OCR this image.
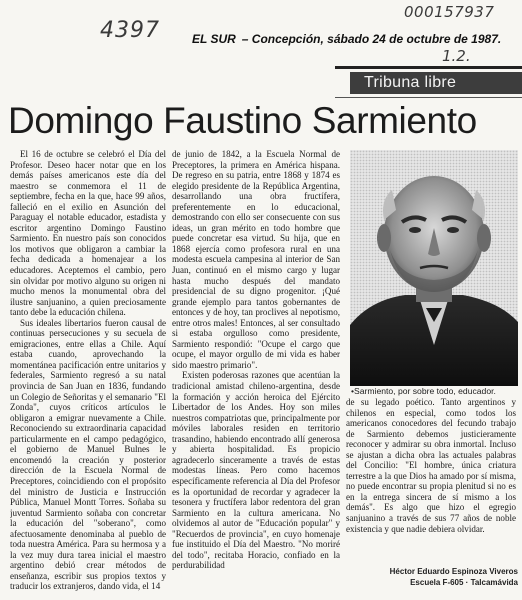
4397
000157937
1.2.
EL SUR – Concepción, sábado 24 de octubre de 1987.
Tribuna libre
Domingo Faustino Sarmiento

El 16 de octubre se celebró el Día del Profesor. Deseo hacer notar que en los demás países americanos este día del maestro se conmemora el 11 de septiembre, fecha en la que, hace 99 años, falleció en el exilio en Asunción del Paraguay el notable educador, estadista y escritor argentino Domingo Faustino Sarmiento. En nuestro país son conocidos los motivos que obligaron a cambiar la fecha dedicada a homenajear a los educadores. Aceptemos el cambio, pero sin olvidar por motivo alguno su origen ni mucho menos la monumental obra del ilustre sanjuanino, a quien preciosamente tanto debe la educación chilena.

Sus ideales libertarios fueron causal de continuas persecuciones y su secuela de emigraciones, entre ellas a Chile. Aquí estaba cuando, aprovechando la momentánea pacificación entre unitarios y federales, Sarmiento regresó a su natal provincia de San Juan en 1836, fundando un Colegio de Señoritas y el semanario "El Zonda", cuyos críticos artículos le obligaron a emigrar nuevamente a Chile. Reconociendo su extraordinaria capacidad particularmente en el campo pedagógico, el gobierno de Manuel Bulnes le encomendó la creación y posterior dirección de la Escuela Normal de Preceptores, coincidiendo con el propósito del ministro de Justicia e Instrucción Pública, Manuel Montt Torres. Soñaba su juventud Sarmiento soñaba con concretar la educación del "soberano", como afectuosamente denominaba al pueblo de toda nuestra América. Para su hermosa y a la vez muy dura tarea inicial el maestro argentino debió crear métodos de enseñanza, escribir sus propios textos y traducir los extranjeros, dando vida, el 14

de junio de 1842, a la Escuela Normal de Preceptores, la primera en América hispana. De regreso en su patria, entre 1868 y 1874 es elegido presidente de la República Argentina, desarrollando una obra fructífera, preferentemente en lo educacional, demostrando con ello ser consecuente con sus ideas, un gran mérito en todo hombre que puede concretar esa virtud. Su hija, que en 1868 ejercía como profesora rural en una modesta escuela campesina al interior de San Juan, continuó en el mismo cargo y lugar hasta mucho después del mandato presidencial de su digno progenitor. ¡Qué grande ejemplo para tantos gobernantes de entonces y de hoy, tan proclives al nepotismo, entre otros males! Entonces, al ser consultado si estaba orgulloso como presidente, Sarmiento respondió: "Ocupe el cargo que ocupe, el mayor orgullo de mi vida es haber sido maestro primario".

Existen poderosas razones que acentúan la tradicional amistad chileno-argentina, desde la formación y acción heroica del Ejército Libertador de los Andes. Hoy son miles nuestros compatriotas que, principalmente por móviles laborales residen en territorio trasandino, habiendo encontrado allí generosa y abierta hospitalidad. Es propicio agradecerlo sinceramente a través de estas modestas líneas. Pero como hacemos específicamente referencia al Día del Profesor es la oportunidad de recordar y agradecer la tesonera y fructífera labor redentora del gran Sarmiento en la cultura americana. No olvidemos al autor de "Educación popular" y "Recuerdos de provincia", en cuyo homenaje fue instituido el Día del Maestro. "No moriré del todo", recitaba Horacio, confiado en la perdurabilidad

•Sarmiento, por sobre todo, educador.

de su legado poético. Tanto argentinos y chilenos en especial, como todos los americanos conocedores del fecundo trabajo de Sarmiento debemos justicieramente reconocer y admirar su obra inmortal. Incluso se ajustan a dicha obra las actuales palabras del Concilio: "El hombre, única criatura terrestre a la que Dios ha amado por sí misma, no puede encontrar su propia plenitud si no es en la entrega sincera de sí mismo a los demás". Es algo que hizo el egregio sanjuanino a través de sus 77 años de noble existencia y que nadie debiera olvidar.

Héctor Eduardo Espinoza Viveros
Escuela F-605 · Talcamávida
